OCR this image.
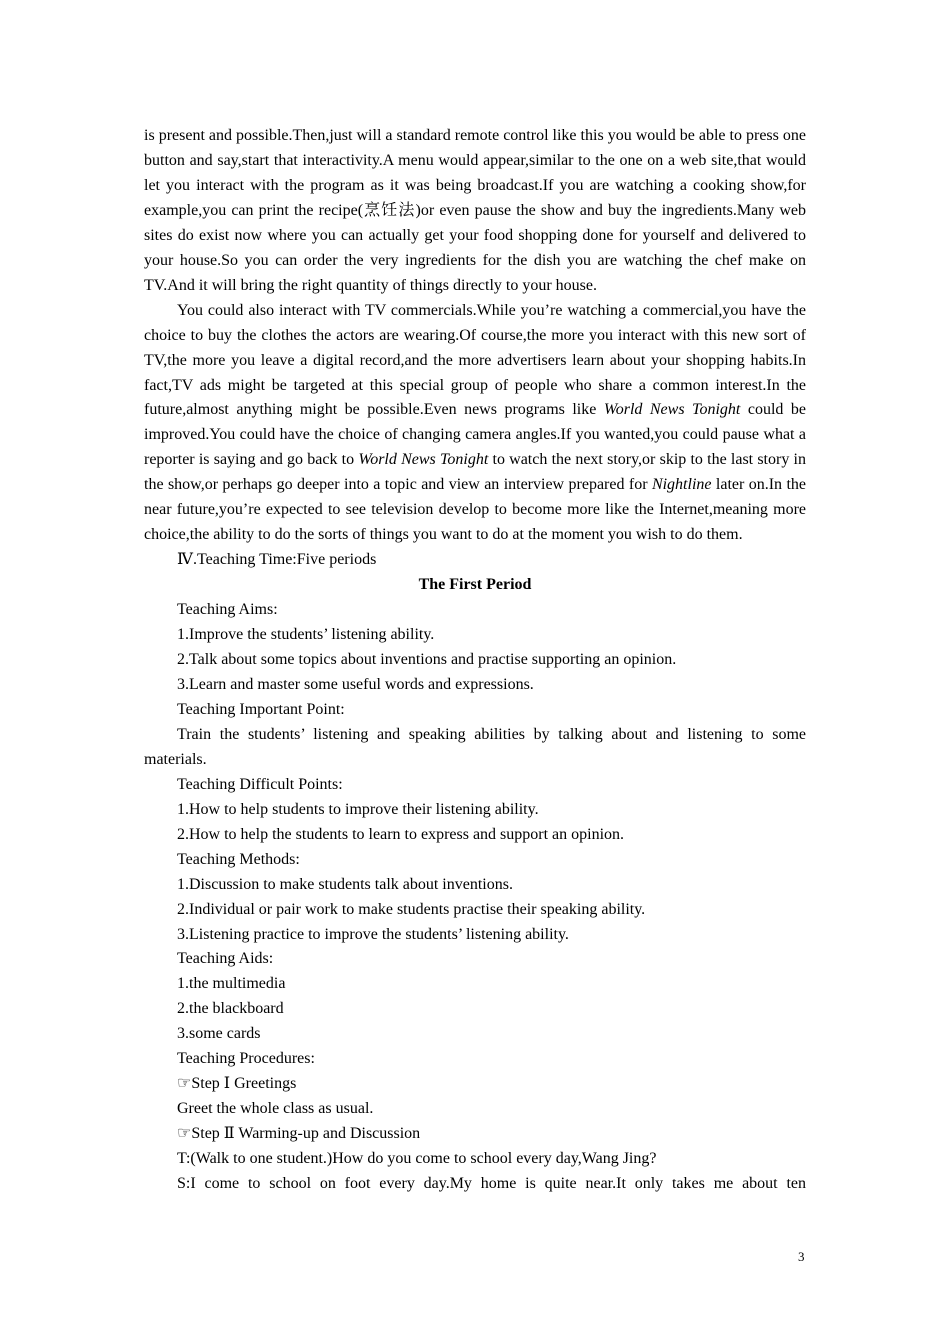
is present and possible.Then,just will a standard remote control like this you would be able to press one button and say,start that interactivity.A menu would appear,similar to the one on a web site,that would let you interact with the program as it was being broadcast.If you are watching a cooking show,for example,you can print the recipe(烹饪法)or even pause the show and buy the ingredients.Many web sites do exist now where you can actually get your food shopping done for yourself and delivered to your house.So you can order the very ingredients for the dish you are watching the chef make on TV.And it will bring the right quantity of things directly to your house.

You could also interact with TV commercials.While you’re watching a commercial,you have the choice to buy the clothes the actors are wearing.Of course,the more you interact with this new sort of TV,the more you leave a digital record,and the more advertisers learn about your shopping habits.In fact,TV ads might be targeted at this special group of people who share a common interest.In the future,almost anything might be possible.Even news programs like World News Tonight could be improved.You could have the choice of changing camera angles.If you wanted,you could pause what a reporter is saying and go back to World News Tonight to watch the next story,or skip to the last story in the show,or perhaps go deeper into a topic and view an interview prepared for Nightline later on.In the near future,you’re expected to see television develop to become more like the Internet,meaning more choice,the ability to do the sorts of things you want to do at the moment you wish to do them.

Ⅳ.Teaching Time:Five periods

The First Period

Teaching Aims:

1.Improve the students’ listening ability.

2.Talk about some topics about inventions and practise supporting an opinion.

3.Learn and master some useful words and expressions.

Teaching Important Point:

Train the students’ listening and speaking abilities by talking about and listening to some materials.

Teaching Difficult Points:

1.How to help students to improve their listening ability.

2.How to help the students to learn to express and support an opinion.

Teaching Methods:

1.Discussion to make students talk about inventions.

2.Individual or pair work to make students practise their speaking ability.

3.Listening practice to improve the students’ listening ability.

Teaching Aids:

1.the multimedia

2.the blackboard

3.some cards

Teaching Procedures:

☞Step Ⅰ Greetings

Greet the whole class as usual.

☞Step Ⅱ Warming-up and Discussion

T:(Walk to one student.)How do you come to school every day,Wang Jing?

S:I come to school on foot every day.My home is quite near.It only takes me about ten

3
